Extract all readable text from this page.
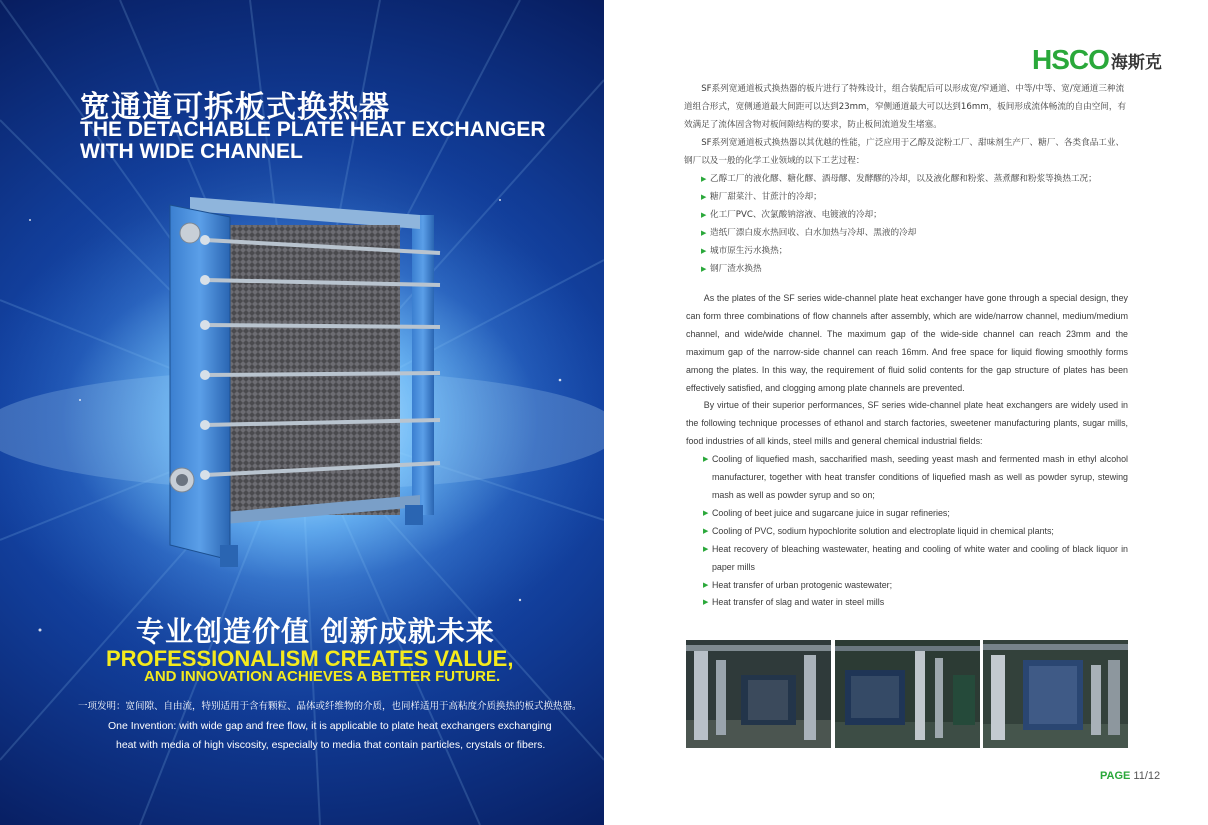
宽通道可拆板式换热器
THE DETACHABLE PLATE HEAT EXCHANGER
WITH WIDE CHANNEL
专业创造价值 创新成就未来
PROFESSIONALISM CREATES VALUE,
AND INNOVATION ACHIEVES A BETTER FUTURE.
一项发明：宽间隙、自由流，特别适用于含有颗粒、晶体或纤维物的介质，也同样适用于高粘度介质换热的板式换热器。
One Invention: with wide gap and free flow, it is applicable to plate heat exchangers exchanging
heat with media of high viscosity, especially to media that contain particles, crystals or fibers.
HSCO 海斯克

SF系列宽通道板式换热器的板片进行了特殊设计，组合装配后可以形成宽/窄通道、中等/中等、宽/宽通道三种流道组合形式，宽侧通道最大间距可以达到23mm，窄侧通道最大可以达到16mm，板间形成流体畅流的自由空间，有效满足了流体固含物对板间隙结构的要求，防止板间流道发生堵塞。

SF系列宽通道板式换热器以其优越的性能，广泛应用于乙醇及淀粉工厂、甜味剂生产厂、糖厂、各类食品工业、钢厂以及一般的化学工业领域的以下工艺过程：

▶ 乙醇工厂的液化醪、糖化醪、酒母醪、发酵醪的冷却，以及液化醪和粉浆、蒸煮醪和粉浆等换热工况；

▶ 糖厂甜菜汁、甘蔗汁的冷却；

▶ 化工厂PVC、次氯酸钠溶液、电镀液的冷却；

▶ 造纸厂漂白废水热回收、白水加热与冷却、黑液的冷却

▶ 城市原生污水换热；

▶ 钢厂渣水换热

As the plates of the SF series wide-channel plate heat exchanger have gone through a special design, they can form three combinations of flow channels after assembly, which are wide/narrow channel, medium/medium channel, and wide/wide channel. The maximum gap of the wide-side channel can reach 23mm and the maximum gap of the narrow-side channel can reach 16mm. And free space for liquid flowing smoothly forms among the plates. In this way, the requirement of fluid solid contents for the gap structure of plates has been effectively satisfied, and clogging among plate channels are prevented.

By virtue of their superior performances, SF series wide-channel plate heat exchangers are widely used in the following technique processes of ethanol and starch factories, sweetener manufacturing plants, sugar mills, food industries of all kinds, steel mills and general chemical industrial fields:

▶ Cooling of liquefied mash, saccharified mash, seeding yeast mash and fermented mash in ethyl alcohol manufacturer, together with heat transfer conditions of liquefied mash as well as powder syrup, stewing mash as well as powder syrup and so on;

▶ Cooling of beet juice and sugarcane juice in sugar refineries;

▶ Cooling of PVC, sodium hypochlorite solution and electroplate liquid in chemical plants;

▶ Heat recovery of bleaching wastewater, heating and cooling of white water and cooling of black liquor in paper mills

▶ Heat transfer of urban protogenic wastewater;

▶ Heat transfer of slag and water in steel mills

PAGE 11/12
